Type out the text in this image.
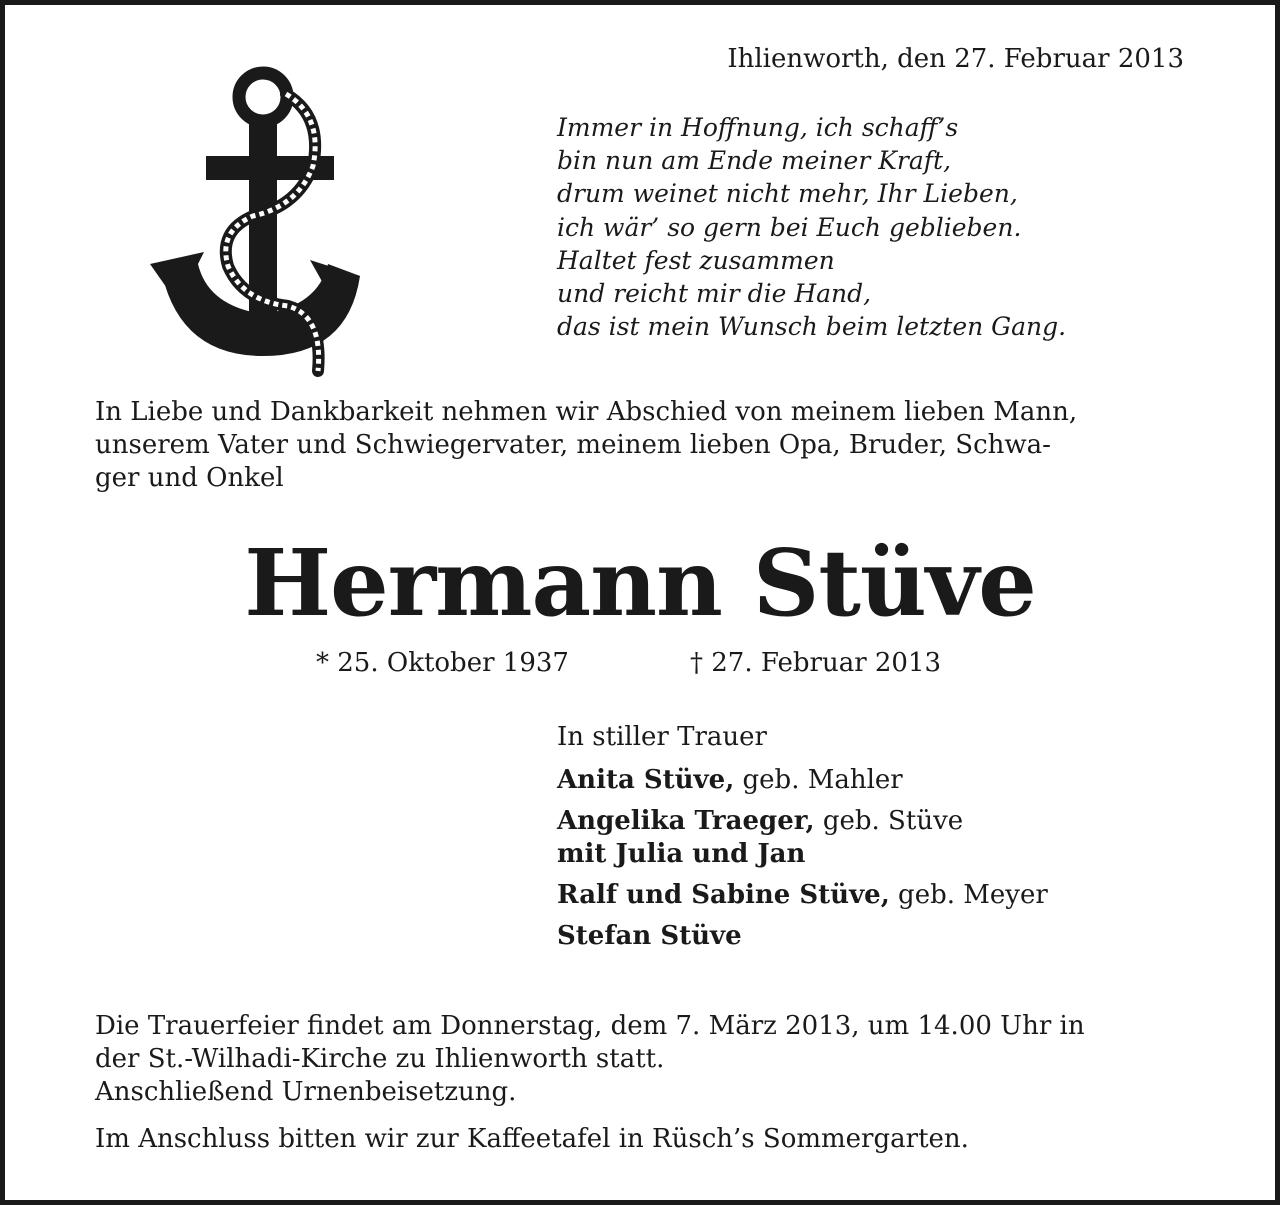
Ihlienworth, den 27. Februar 2013
Immer in Hoffnung, ich schaff’s
bin nun am Ende meiner Kraft,
drum weinet nicht mehr, Ihr Lieben,
ich wär’ so gern bei Euch geblieben.
Haltet fest zusammen
und reicht mir die Hand,
das ist mein Wunsch beim letzten Gang.
In Liebe und Dankbarkeit nehmen wir Abschied von meinem lieben Mann,
unserem Vater und Schwiegervater, meinem lieben Opa, Bruder, Schwa-
ger und Onkel
Hermann Stüve
* 25. Oktober 1937	† 27. Februar 2013
In stiller Trauer
Anita Stüve, geb. Mahler
Angelika Traeger, geb. Stüve
mit Julia und Jan
Ralf und Sabine Stüve, geb. Meyer
Stefan Stüve
Die Trauerfeier findet am Donnerstag, dem 7. März 2013, um 14.00 Uhr in
der St.-Wilhadi-Kirche zu Ihlienworth statt.
Anschließend Urnenbeisetzung.
Im Anschluss bitten wir zur Kaffeetafel in Rüsch’s Sommergarten.
